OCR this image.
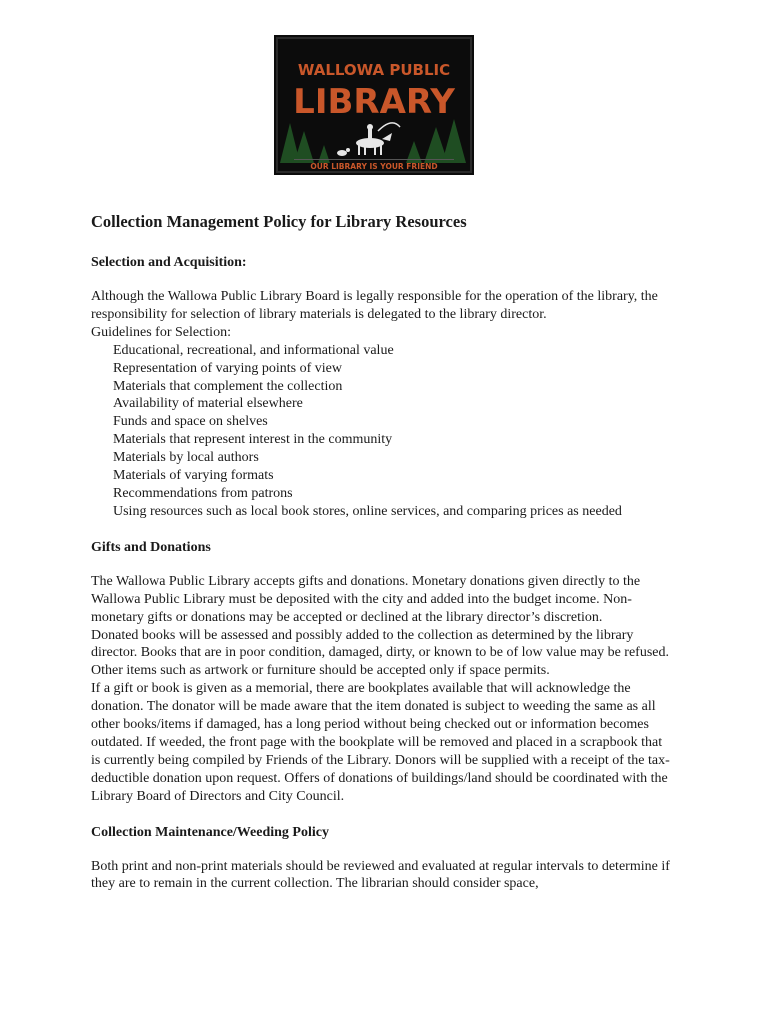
WALLOWA PUBLIC
LIBRARY
OUR LIBRARY IS YOUR FRIEND
Collection Management Policy for Library Resources
Selection and Acquisition:

Although the Wallowa Public Library Board is legally responsible for the operation of the library, the responsibility for selection of library materials is delegated to the library director.

Guidelines for Selection:

Educational, recreational, and informational value
Representation of varying points of view
Materials that complement the collection
Availability of material elsewhere
Funds and space on shelves
Materials that represent interest in the community
Materials by local authors
Materials of varying formats
Recommendations from patrons
Using resources such as local book stores, online services, and comparing prices as needed
Gifts and Donations

The Wallowa Public Library accepts gifts and donations. Monetary donations given directly to the Wallowa Public Library must be deposited with the city and added into the budget income. Non-monetary gifts or donations may be accepted or declined at the library director’s discretion.

Donated books will be assessed and possibly added to the collection as determined by the library director. Books that are in poor condition, damaged, dirty, or known to be of low value may be refused.

Other items such as artwork or furniture should be accepted only if space permits.

If a gift or book is given as a memorial, there are bookplates available that will acknowledge the donation. The donator will be made aware that the item donated is subject to weeding the same as all other books/items if damaged, has a long period without being checked out or information becomes outdated. If weeded, the front page with the bookplate will be removed and placed in a scrapbook that is currently being compiled by Friends of the Library. Donors will be supplied with a receipt of the tax-deductible donation upon request. Offers of donations of buildings/land should be coordinated with the Library Board of Directors and City Council.

Collection Maintenance/Weeding Policy

Both print and non-print materials should be reviewed and evaluated at regular intervals to determine if they are to remain in the current collection. The librarian should consider space,
